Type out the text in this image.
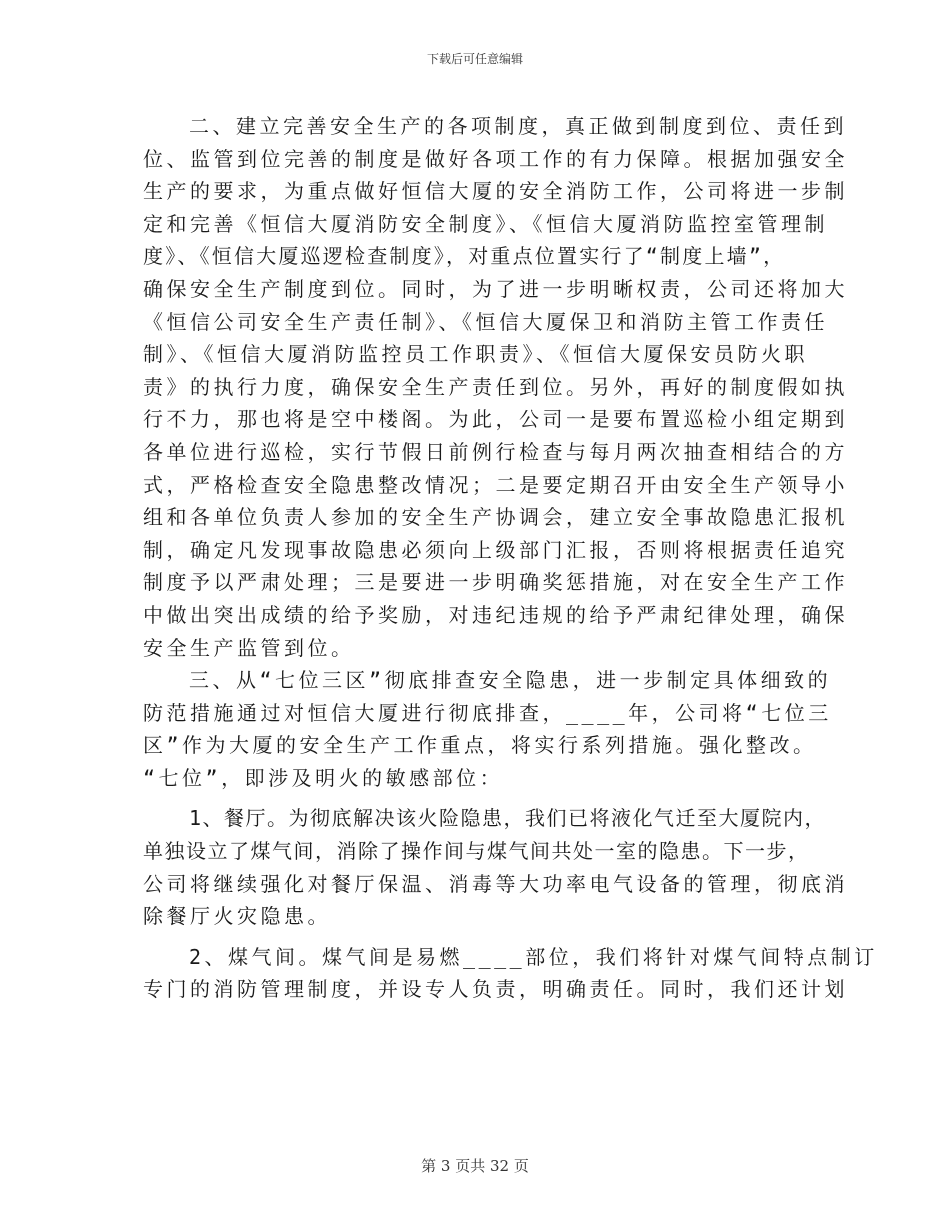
下载后可任意编辑
二、建立完善安全生产的各项制度，真正做到制度到位、责任到
位、监管到位完善的制度是做好各项工作的有力保障。根据加强安全
生产的要求，为重点做好恒信大厦的安全消防工作，公司将进一步制
定和完善《恒信大厦消防安全制度》、《恒信大厦消防监控室管理制
度》、《恒信大厦巡逻检查制度》，对重点位置实行了“制度上墙”，
确保安全生产制度到位。同时，为了进一步明晰权责，公司还将加大
《恒信公司安全生产责任制》、《恒信大厦保卫和消防主管工作责任
制》、《恒信大厦消防监控员工作职责》、《恒信大厦保安员防火职
责》的执行力度，确保安全生产责任到位。另外，再好的制度假如执
行不力，那也将是空中楼阁。为此，公司一是要布置巡检小组定期到
各单位进行巡检，实行节假日前例行检查与每月两次抽查相结合的方
式，严格检查安全隐患整改情况；二是要定期召开由安全生产领导小
组和各单位负责人参加的安全生产协调会，建立安全事故隐患汇报机
制，确定凡发现事故隐患必须向上级部门汇报，否则将根据责任追究
制度予以严肃处理；三是要进一步明确奖惩措施，对在安全生产工作
中做出突出成绩的给予奖励，对违纪违规的给予严肃纪律处理，确保
安全生产监管到位。
三、从“七位三区”彻底排查安全隐患，进一步制定具体细致的
防范措施通过对恒信大厦进行彻底排查，____年，公司将“七位三
区”作为大厦的安全生产工作重点，将实行系列措施。强化整改。
“七位”，即涉及明火的敏感部位：
1、餐厅。为彻底解决该火险隐患，我们已将液化气迁至大厦院内，
单独设立了煤气间，消除了操作间与煤气间共处一室的隐患。下一步，
公司将继续强化对餐厅保温、消毒等大功率电气设备的管理，彻底消
除餐厅火灾隐患。
2、煤气间。煤气间是易燃____部位，我们将针对煤气间特点制订
专门的消防管理制度，并设专人负责，明确责任。同时，我们还计划
第 3 页共 32 页
